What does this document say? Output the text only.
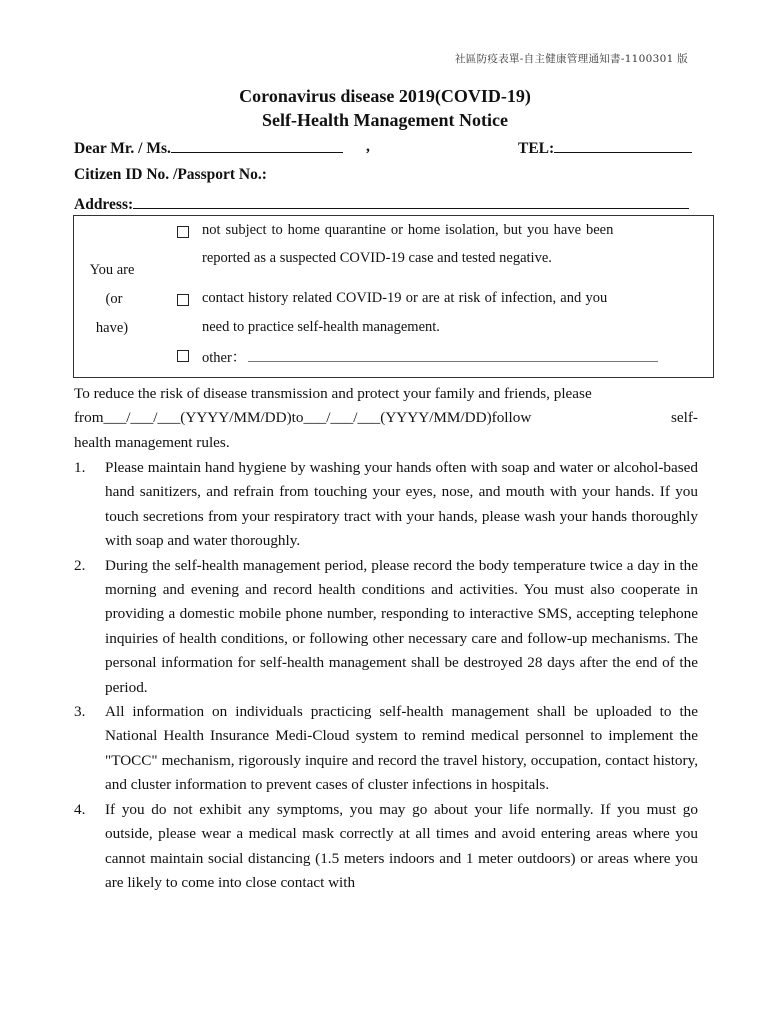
社區防疫表單-自主健康管理通知書-1100301 版
Coronavirus disease 2019(COVID-19)
Self-Health Management Notice
Dear Mr. / Ms.	,	TEL:
Citizen ID No. /Passport No.:
Address:
You are
(or
have)
not subject to home quarantine or home isolation, but you have been
reported as a suspected COVID-19 case and tested negative.
contact history related COVID-19 or are at risk of infection, and you
need to practice self-health management.
other：
To reduce the risk of disease transmission and protect your family and friends, please
from___/___/___(YYYY/MM/DD)to___/___/___(YYYY/MM/DD)follow	self-
health management rules.
1. Please maintain hand hygiene by washing your hands often with soap and water or alcohol-based hand sanitizers, and refrain from touching your eyes, nose, and mouth with your hands. If you touch secretions from your respiratory tract with your hands, please wash your hands thoroughly with soap and water thoroughly.

2. During the self-health management period, please record the body temperature twice a day in the morning and evening and record health conditions and activities. You must also cooperate in providing a domestic mobile phone number, responding to interactive SMS, accepting telephone inquiries of health conditions, or following other necessary care and follow-up mechanisms. The personal information for self-health management shall be destroyed 28 days after the end of the period.

3. All information on individuals practicing self-health management shall be uploaded to the National Health Insurance Medi-Cloud system to remind medical personnel to implement the "TOCC" mechanism, rigorously inquire and record the travel history, occupation, contact history, and cluster information to prevent cases of cluster infections in hospitals.

4. If you do not exhibit any symptoms, you may go about your life normally. If you must go outside, please wear a medical mask correctly at all times and avoid entering areas where you cannot maintain social distancing (1.5 meters indoors and 1 meter outdoors) or areas where you are likely to come into close contact with
